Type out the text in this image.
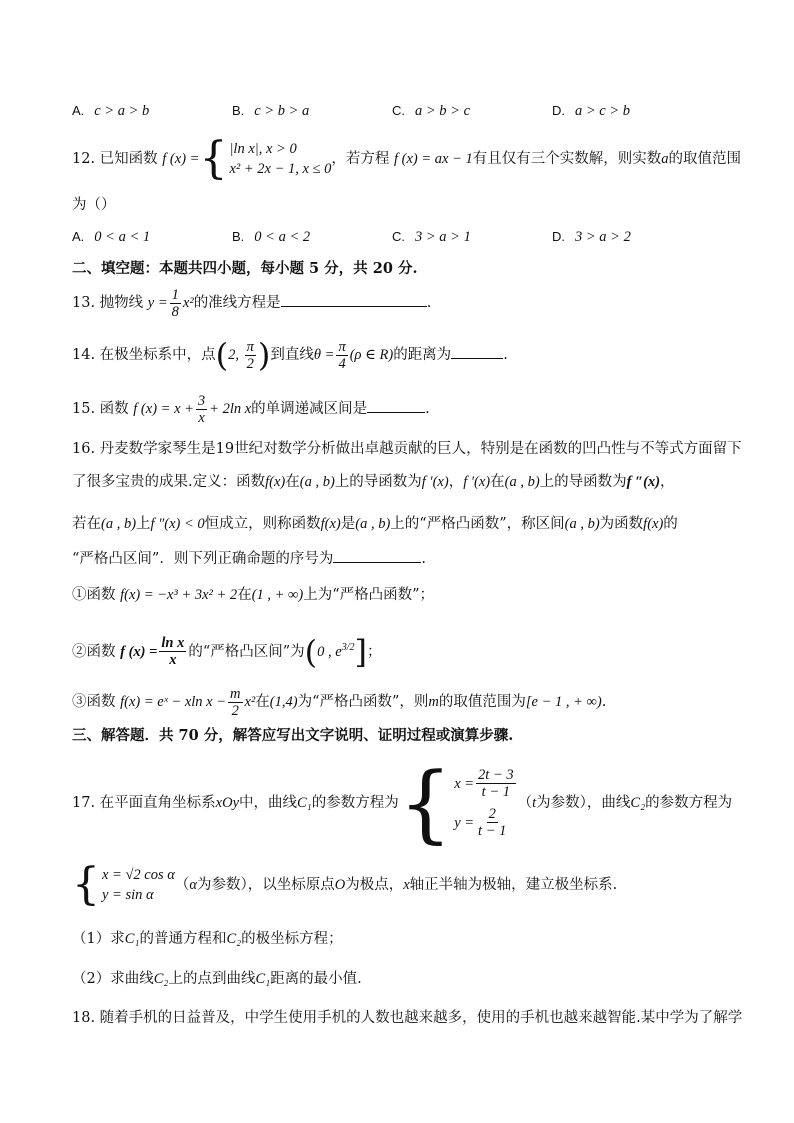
A. c > a > b	B. c > b > a	C. a > b > c	D. a > c > b
12. 已知函数 f (x) ={ |ln x|, x > 0
x² + 2x − 1, x ≤ 0
，若方程 f (x) = ax − 1有且仅有三个实数解，则实数a的取值范围
为（）
A. 0 < a < 1	B. 0 < a < 2	C. 3 > a > 1	D. 3 > a > 2
二、填空题：本题共四小题，每小题 5 分，共 20 分.
13. 抛物线 $y = \frac{1}{8} x^2$的准线方程是	.
14. 在极坐标系中，点(2, $\frac{\pi}{2}$ )到直线$\theta = \frac{\pi}{4} (\rho$ ∈ R)的距离为	.
15. 函数 f $(x) = x + \frac{3}{x} + 2\ln$ x的单调递减区间是	.
16. 丹麦数学家琴生是19世纪对数学分析做出卓越贡献的巨人，特别是在函数的凹凸性与不等式方面留下
了很多宝贵的成果.定义：函数f(x)在(a , b)上的导函数为f ′(x)，f ′(x)在(a , b)上的导函数为f ″(x)，
若在(a , b)上f ″(x) < 0恒成立，则称函数f(x)是(a , b)上的“严格凸函数”，称区间(a , b)为函数f(x)的
“严格凸区间”．则下列正确命题的序号为	.
①函数 f(x) = −x³ + 3x² + 2在(1 , + ∞)上为“严格凸函数”；
②函数 f $(x) = \frac{\text{ln x}}{x}$ 的“严格凸区间”为(0 , $e^{3/2}$]；
③函数 f(x) = eˣ − xln $x - \frac{m}{2} x^2$在(1,4)为“严格凸函数”，则m的取值范围为[e − 1 , + ∞).
三、解答题．共 70 分，解答应写出文字说明、证明过程或演算步骤.
17. 在平面直角坐标系xOy中，曲线C₁的参数方程为{ $x = \frac{2t - 3}{t - 1}$
$y = \frac{2}{t - 1}$
（t为参数），曲线C₂的参数方程为
{ x = √2 cos α
y = sin α
（α为参数），以坐标原点O为极点，x轴正半轴为极轴，建立极坐标系.
（1）求C₁的普通方程和C₂的极坐标方程；
（2）求曲线C₂上的点到曲线C₁距离的最小值.
18. 随着手机的日益普及，中学生使用手机的人数也越来越多，使用的手机也越来越智能.某中学为了解学
